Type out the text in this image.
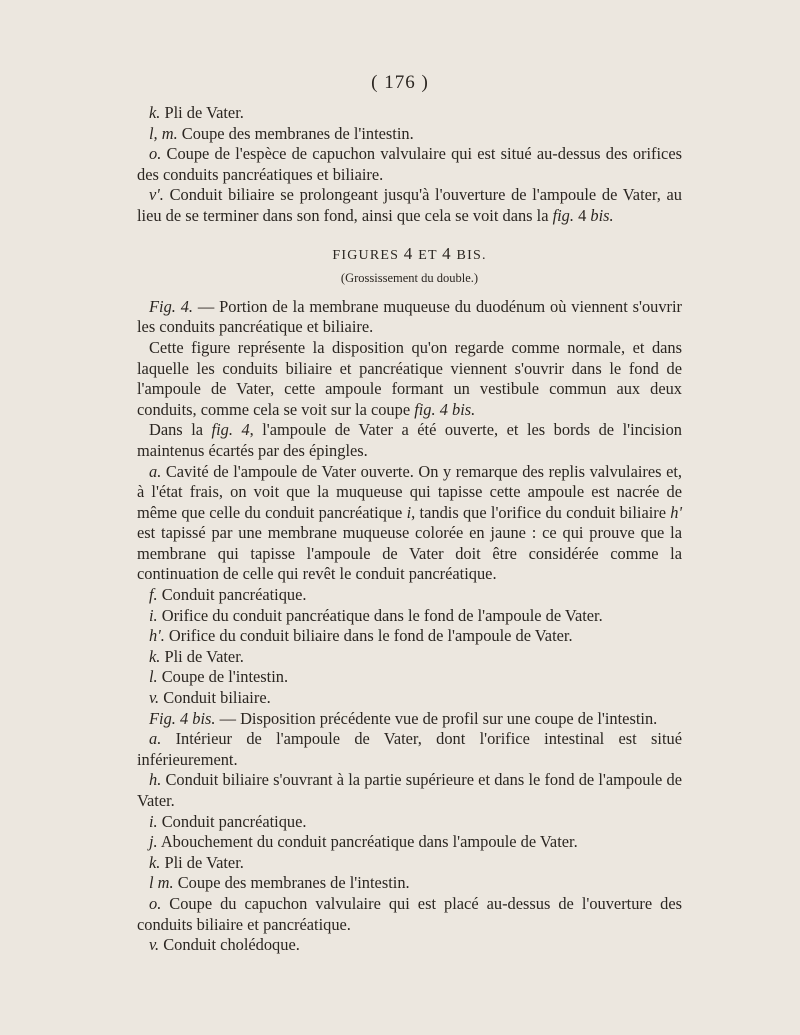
( 176 )

k. Pli de Vater.

l, m. Coupe des membranes de l'intestin.

o. Coupe de l'espèce de capuchon valvulaire qui est situé au-dessus des orifices des conduits pancréatiques et biliaire.

v'. Conduit biliaire se prolongeant jusqu'à l'ouverture de l'ampoule de Vater, au lieu de se terminer dans son fond, ainsi que cela se voit dans la fig. 4 bis.

FIGURES 4 ET 4 BIS.
(Grossissement du double.)

Fig. 4. — Portion de la membrane muqueuse du duodénum où viennent s'ouvrir les conduits pancréatique et biliaire.

Cette figure représente la disposition qu'on regarde comme normale, et dans laquelle les conduits biliaire et pancréatique viennent s'ouvrir dans le fond de l'ampoule de Vater, cette ampoule formant un vestibule commun aux deux conduits, comme cela se voit sur la coupe fig. 4 bis.

Dans la fig. 4, l'ampoule de Vater a été ouverte, et les bords de l'incision maintenus écartés par des épingles.

a. Cavité de l'ampoule de Vater ouverte. On y remarque des replis valvulaires et, à l'état frais, on voit que la muqueuse qui tapisse cette ampoule est nacrée de même que celle du conduit pancréatique i, tandis que l'orifice du conduit biliaire h' est tapissé par une membrane muqueuse colorée en jaune : ce qui prouve que la membrane qui tapisse l'ampoule de Vater doit être considérée comme la continuation de celle qui revêt le conduit pancréatique.

f. Conduit pancréatique.

i. Orifice du conduit pancréatique dans le fond de l'ampoule de Vater.

h'. Orifice du conduit biliaire dans le fond de l'ampoule de Vater.

k. Pli de Vater.

l. Coupe de l'intestin.

v. Conduit biliaire.

Fig. 4 bis. — Disposition précédente vue de profil sur une coupe de l'intestin.

a. Intérieur de l'ampoule de Vater, dont l'orifice intestinal est situé inférieurement.

h. Conduit biliaire s'ouvrant à la partie supérieure et dans le fond de l'ampoule de Vater.

i. Conduit pancréatique.

j. Abouchement du conduit pancréatique dans l'ampoule de Vater.

k. Pli de Vater.

l m. Coupe des membranes de l'intestin.

o. Coupe du capuchon valvulaire qui est placé au-dessus de l'ouverture des conduits biliaire et pancréatique.

v. Conduit cholédoque.
